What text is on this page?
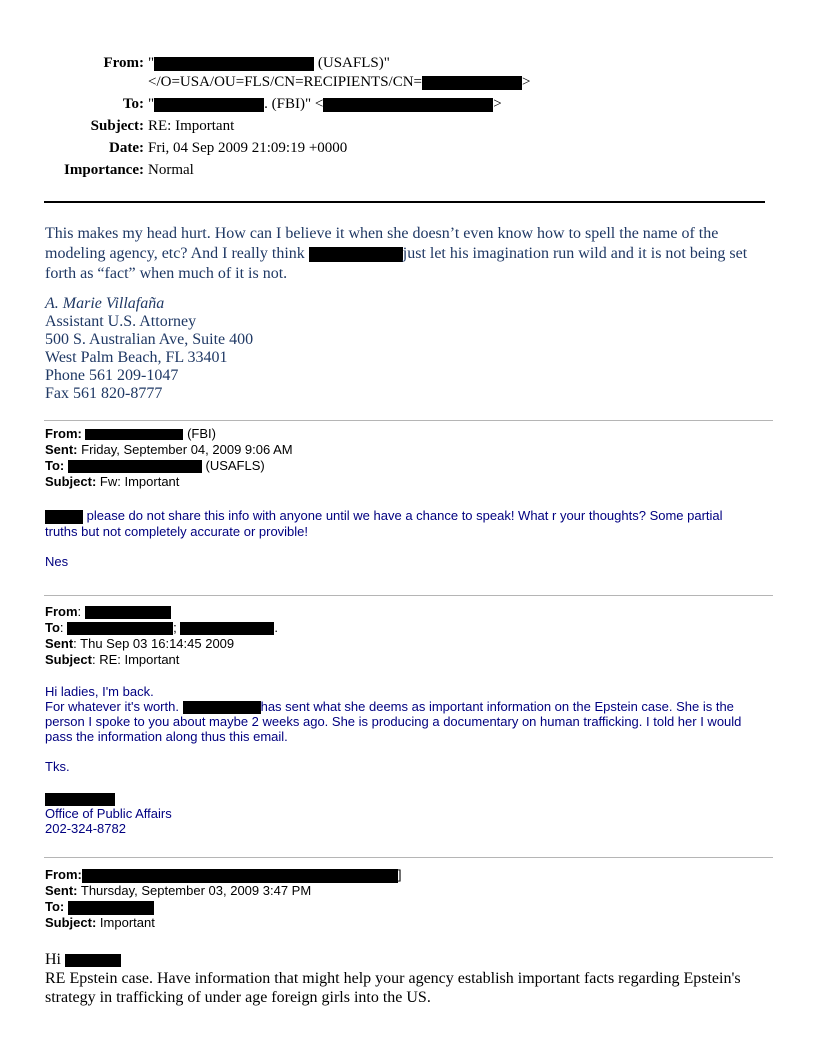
From: "	(USAFLS)"
</O=USA/OU=FLS/CN=RECIPIENTS/CN=	>
To: "	. (FBI)" <	>
Subject: RE: Important
Date: Fri, 04 Sep 2009 21:09:19 +0000
Importance: Normal
This makes my head hurt. How can I believe it when she doesn’t even know how to spell the name of the
modeling agency, etc? And I really think	just let his imagination run wild and it is not being set
forth as “fact” when much of it is not.
A. Marie Villafaña
Assistant U.S. Attorney
500 S. Australian Ave, Suite 400
West Palm Beach, FL 33401
Phone 561 209-1047
Fax 561 820-8777
From:	(FBI)
Sent: Friday, September 04, 2009 9:06 AM
To:	(USAFLS)
Subject: Fw: Important
please do not share this info with anyone until we have a chance to speak! What r your thoughts? Some partial
truths but not completely accurate or provible!
Nes
From:
To:	;	.
Sent: Thu Sep 03 16:14:45 2009
Subject: RE: Important
Hi ladies, I'm back.
For whatever it's worth.	has sent what she deems as important information on the Epstein case. She is the
person I spoke to you about maybe 2 weeks ago. She is producing a documentary on human trafficking. I told her I would
pass the information along thus this email.
Tks.
Office of Public Affairs
202-324-8782
From:	]
Sent: Thursday, September 03, 2009 3:47 PM
To:
Subject: Important
Hi
RE Epstein case. Have information that might help your agency establish important facts regarding Epstein's
strategy in trafficking of under age foreign girls into the US.
